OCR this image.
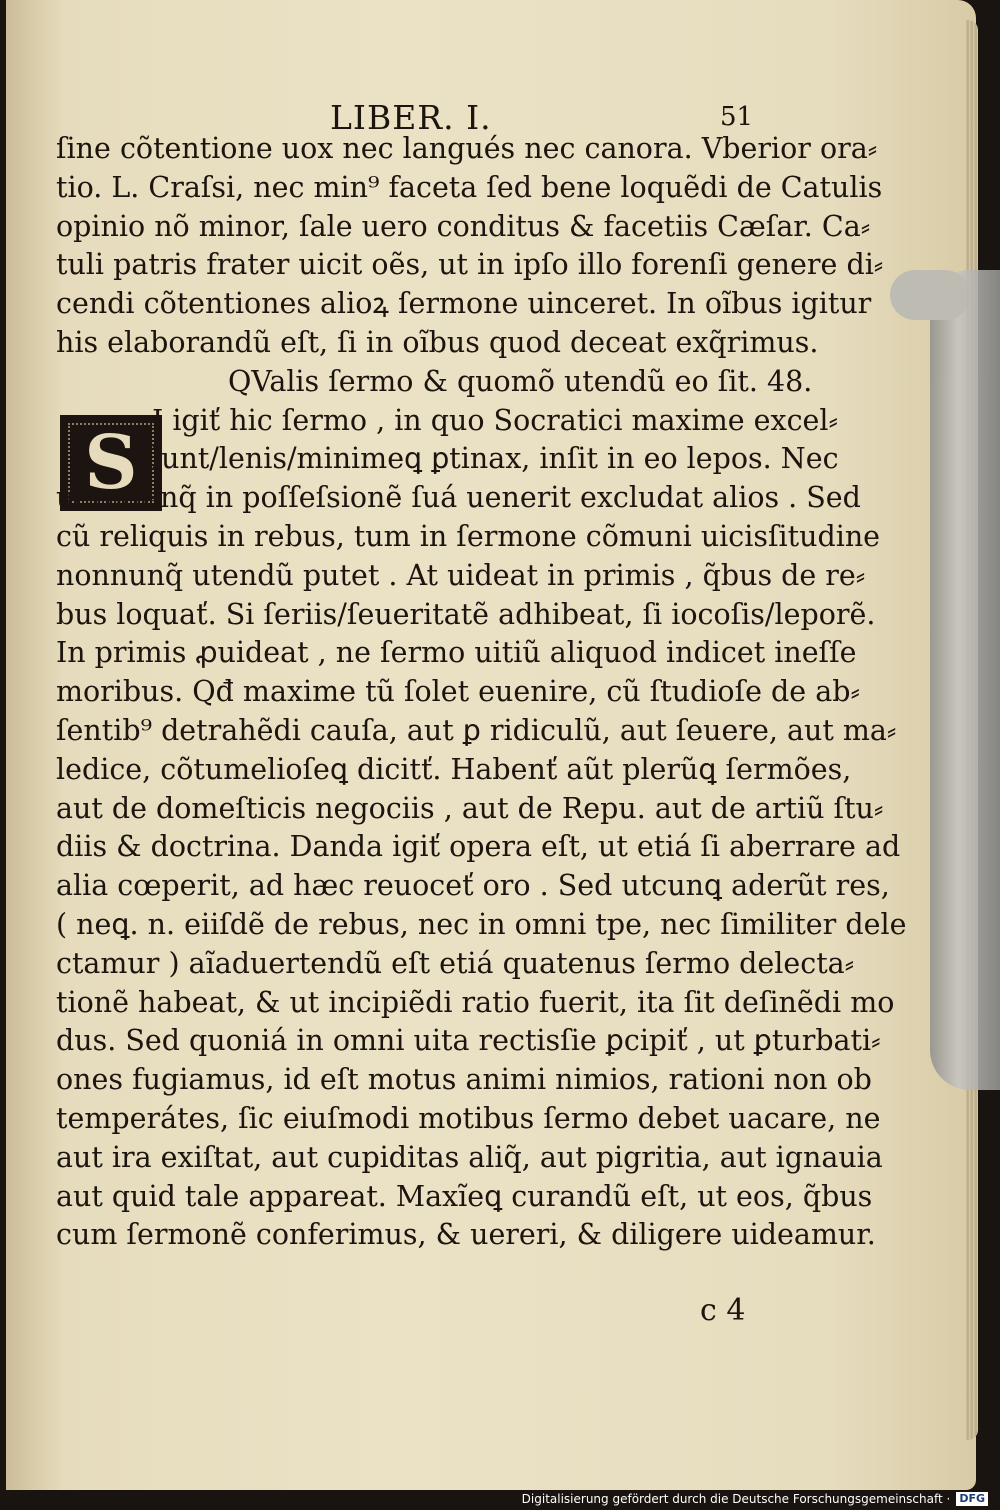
LIBER. I.	51
S
ſine cõtentione uox nec langués nec canora. Vberior ora⸗
tio. L. Craſsi, nec min⁹ faceta ſed bene loquẽdi de Catulis
opinio nõ minor, ſale uero conditus & facetiis Cæſar. Ca⸗
tuli patris frater uicit oẽs, ut in ipſo illo forenſi genere di⸗
cendi cõtentiones alioꝝ ſermone uinceret. In oĩbus igitur
his elaborandũ eſt, ſi in oĩbus quod deceat exq̃rimus.
QValis ſermo & quomõ utendũ eo ſit. 48.
I igiť hic ſermo , in quo Socratici maxime excel⸗
lunt/lenis/minimeꝗ ꝑtinax, inſit in eo lepos. Nec
uero/tanq̃ in poſſeſsionẽ ſuá uenerit excludat alios . Sed
cũ reliquis in rebus, tum in ſermone cõmuni uicisſitudine
nonnunq̃ utendũ putet . At uideat in primis , q̃bus de re⸗
bus loquať. Si ſeriis/ſeueritatẽ adhibeat, ſi iocoſis/leporẽ.
In primis ꝓuideat , ne ſermo uitiũ aliquod indicet ineſſe
moribus. Qđ maxime tũ ſolet euenire, cũ ſtudioſe de ab⸗
ſentib⁹ detrahẽdi cauſa, aut ꝑ ridiculũ, aut ſeuere, aut ma⸗
ledice, cõtumelioſeꝗ dicitť. Habenť aũt plerũꝗ ſermões,
aut de domeſticis negociis , aut de Repu. aut de artiũ ſtu⸗
diis & doctrina. Danda igiť opera eſt, ut etiá ſi aberrare ad
alia cœperit, ad hæc reuoceť oro . Sed utcunꝗ aderũt res,
( neꝗ. n. eiiſdẽ de rebus, nec in omni tpe, nec ſimiliter dele
ctamur ) aĩaduertendũ eſt etiá quatenus ſermo delecta⸗
tionẽ habeat, & ut incipiẽdi ratio fuerit, ita ſit deſinẽdi mo
dus. Sed quoniá in omni uita rectisſie ꝑcipiť , ut ꝑturbati⸗
ones fugiamus, id eſt motus animi nimios, rationi non ob
temperátes, ſic eiuſmodi motibus ſermo debet uacare, ne
aut ira exiſtat, aut cupiditas aliq̃, aut pigritia, aut ignauia
aut quid tale appareat. Maxĩeꝗ curandũ eſt, ut eos, q̃bus
cum ſermonẽ conferimus, & uereri, & diligere uideamur.
c 4
Digitalisierung gefördert durch die Deutsche Forschungsgemeinschaft · DFG
